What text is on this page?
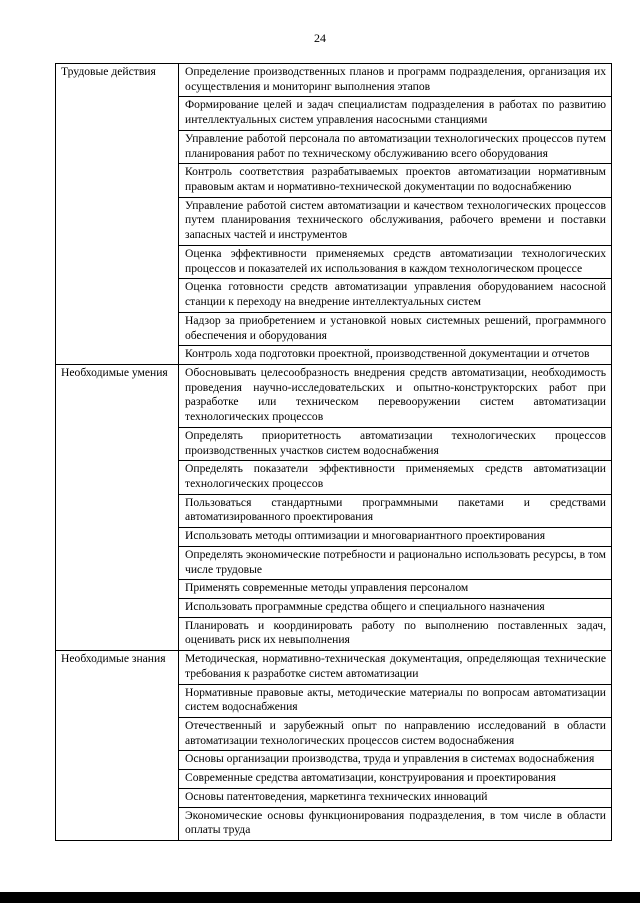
24
Трудовые действия	Определение производственных планов и программ подразделения, организация их осуществления и мониторинг выполнения этапов
Формирование целей и задач специалистам подразделения в работах по развитию интеллектуальных систем управления насосными станциями
Управление работой персонала по автоматизации технологических процессов путем планирования работ по техническому обслуживанию всего оборудования
Контроль соответствия разрабатываемых проектов автоматизации нормативным правовым актам и нормативно-технической документации по водоснабжению
Управление работой систем автоматизации и качеством технологических процессов путем планирования технического обслуживания, рабочего времени и поставки запасных частей и инструментов
Оценка эффективности применяемых средств автоматизации технологических процессов и показателей их использования в каждом технологическом процессе
Оценка готовности средств автоматизации управления оборудованием насосной станции к переходу на внедрение интеллектуальных систем
Надзор за приобретением и установкой новых системных решений, программного обеспечения и оборудования
Контроль хода подготовки проектной, производственной документации и отчетов

Необходимые умения	Обосновывать целесообразность внедрения средств автоматизации, необходимость проведения научно-исследовательских и опытно-конструкторских работ при разработке или техническом перевооружении систем автоматизации технологических процессов
Определять приоритетность автоматизации технологических процессов производственных участков систем водоснабжения
Определять показатели эффективности применяемых средств автоматизации технологических процессов
Пользоваться стандартными программными пакетами и средствами автоматизированного проектирования
Использовать методы оптимизации и многовариантного проектирования
Определять экономические потребности и рационально использовать ресурсы, в том числе трудовые
Применять современные методы управления персоналом
Использовать программные средства общего и специального назначения
Планировать и координировать работу по выполнению поставленных задач, оценивать риск их невыполнения

Необходимые знания	Методическая, нормативно-техническая документация, определяющая технические требования к разработке систем автоматизации
Нормативные правовые акты, методические материалы по вопросам автоматизации систем водоснабжения
Отечественный и зарубежный опыт по направлению исследований в области автоматизации технологических процессов систем водоснабжения
Основы организации производства, труда и управления в системах водоснабжения
Современные средства автоматизации, конструирования и проектирования
Основы патентоведения, маркетинга технических инноваций
Экономические основы функционирования подразделения, в том числе в области оплаты труда
